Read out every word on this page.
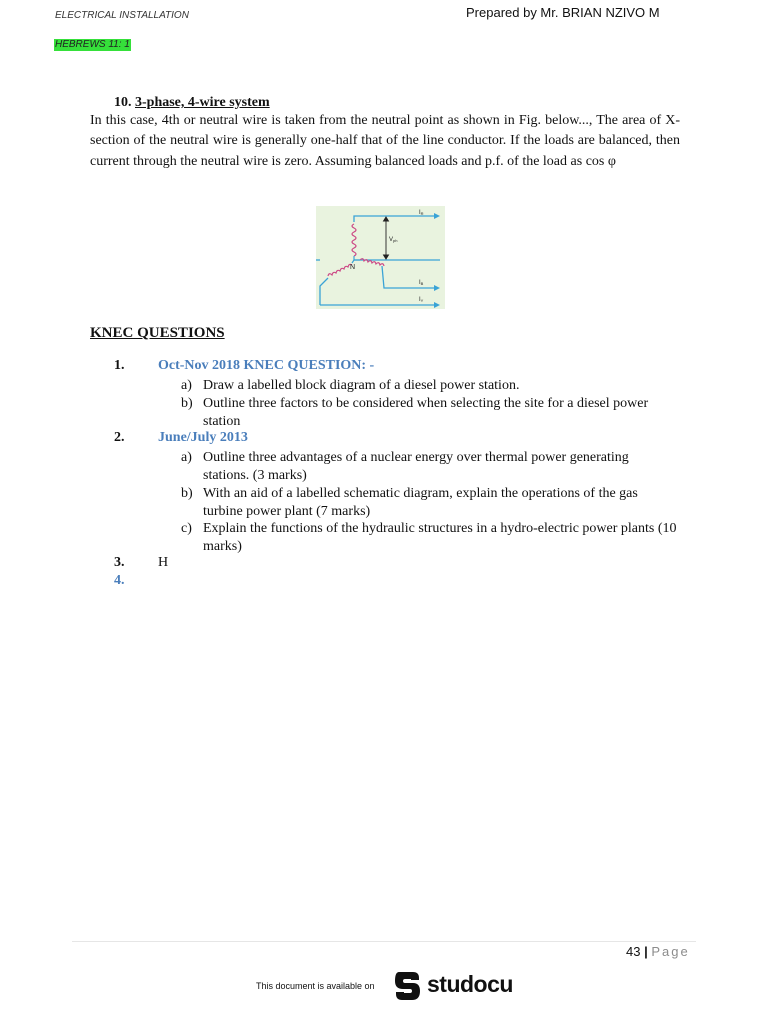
ELECTRICAL INSTALLATION	Prepared by Mr. BRIAN NZIVO M
HEBREWS 11: 1
10. 3-phase, 4-wire system
In this case, 4th or neutral wire is taken from the neutral point as shown in Fig. below..., The area of X-section of the neutral wire is generally one-half that of the line conductor. If the loads are balanced, then current through the neutral wire is zero. Assuming balanced loads and p.f. of the load as cos φ
IR
IB
IY
N
Vph
KNEC QUESTIONS
1. Oct-Nov 2018 KNEC QUESTION: -
a) Draw a labelled block diagram of a diesel power station.
b) Outline three factors to be considered when selecting the site for a diesel power station
2. June/July 2013
a) Outline three advantages of a nuclear energy over thermal power generating stations. (3 marks)
b) With an aid of a labelled schematic diagram, explain the operations of the gas turbine power plant (7 marks)
c) Explain the functions of the hydraulic structures in a hydro-electric power plants (10 marks)
3. H
4.
43 | Page
This document is available on studocu
